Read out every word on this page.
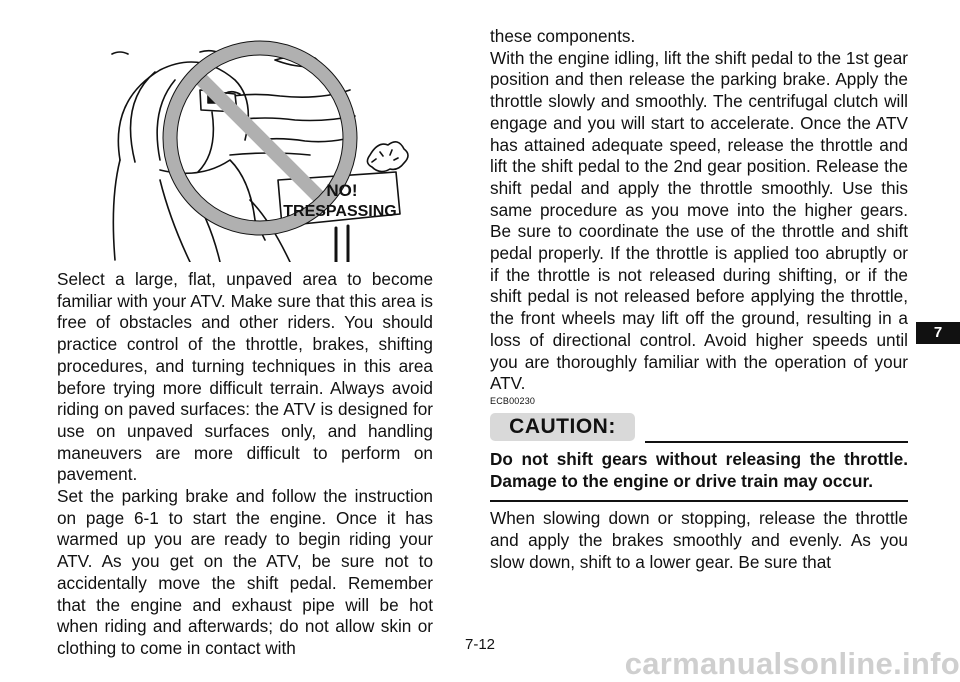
NO!
TRESPASSING

Select a large, flat, unpaved area to become familiar with your ATV. Make sure that this area is free of obstacles and other riders. You should practice control of the throttle, brakes, shifting procedures, and turning techniques in this area before trying more difficult terrain. Always avoid riding on paved surfaces: the ATV is designed for use on unpaved surfaces only, and handling maneuvers are more difficult to perform on pavement.

Set the parking brake and follow the instruction on page 6-1 to start the engine. Once it has warmed up you are ready to begin riding your ATV. As you get on the ATV, be sure not to accidentally move the shift pedal. Remember that the engine and exhaust pipe will be hot when riding and afterwards; do not allow skin or clothing to come in contact with

these components.

With the engine idling, lift the shift pedal to the 1st gear position and then release the parking brake. Apply the throttle slowly and smoothly. The centrifugal clutch will engage and you will start to accelerate. Once the ATV has attained adequate speed, release the throttle and lift the shift pedal to the 2nd gear position. Release the shift pedal and apply the throttle smoothly. Use this same procedure as you move into the higher gears. Be sure to coordinate the use of the throttle and shift pedal properly. If the throttle is applied too abruptly or if the throttle is not released during shifting, or if the shift pedal is not released before applying the throttle, the front wheels may lift off the ground, resulting in a loss of directional control. Avoid higher speeds until you are thoroughly familiar with the operation of your ATV.

ECB00230

CAUTION:

Do not shift gears without releasing the throttle. Damage to the engine or drive train may occur.

When slowing down or stopping, release the throttle and apply the brakes smoothly and evenly. As you slow down, shift to a lower gear. Be sure that

7
7-12
carmanualsonline.info
